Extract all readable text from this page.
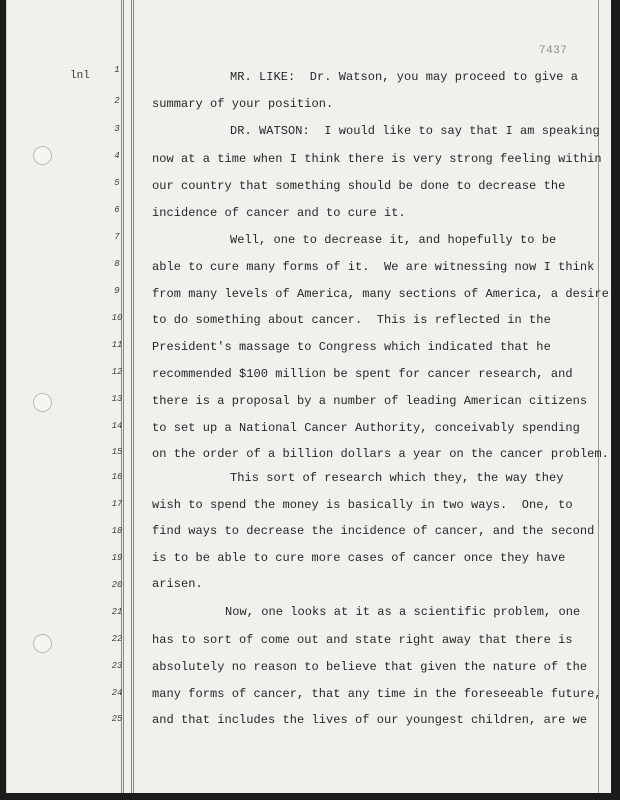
7437
lnl	1	MR. LIKE:  Dr. Watson, you may proceed to give a
2	summary of your position.
3	DR. WATSON:  I would like to say that I am speaking
4	now at a time when I think there is very strong feeling within
5	our country that something should be done to decrease the
6	incidence of cancer and to cure it.
7	Well, one to decrease it, and hopefully to be
8	able to cure many forms of it.  We are witnessing now I think
9	from many levels of America, many sections of America, a desire
10	to do something about cancer.  This is reflected in the
11	President's massage to Congress which indicated that he
12	recommended $100 million be spent for cancer research, and
13	there is a proposal by a number of leading American citizens
14	to set up a National Cancer Authority, conceivably spending
15	on the order of a billion dollars a year on the cancer problem.
16	This sort of research which they, the way they
17	wish to spend the money is basically in two ways.  One, to
18	find ways to decrease the incidence of cancer, and the second
19	is to be able to cure more cases of cancer once they have
20	arisen.
21	Now, one looks at it as a scientific problem, one
22	has to sort of come out and state right away that there is
23	absolutely no reason to believe that given the nature of the
24	many forms of cancer, that any time in the foreseeable future,
25	and that includes the lives of our youngest children, are we
